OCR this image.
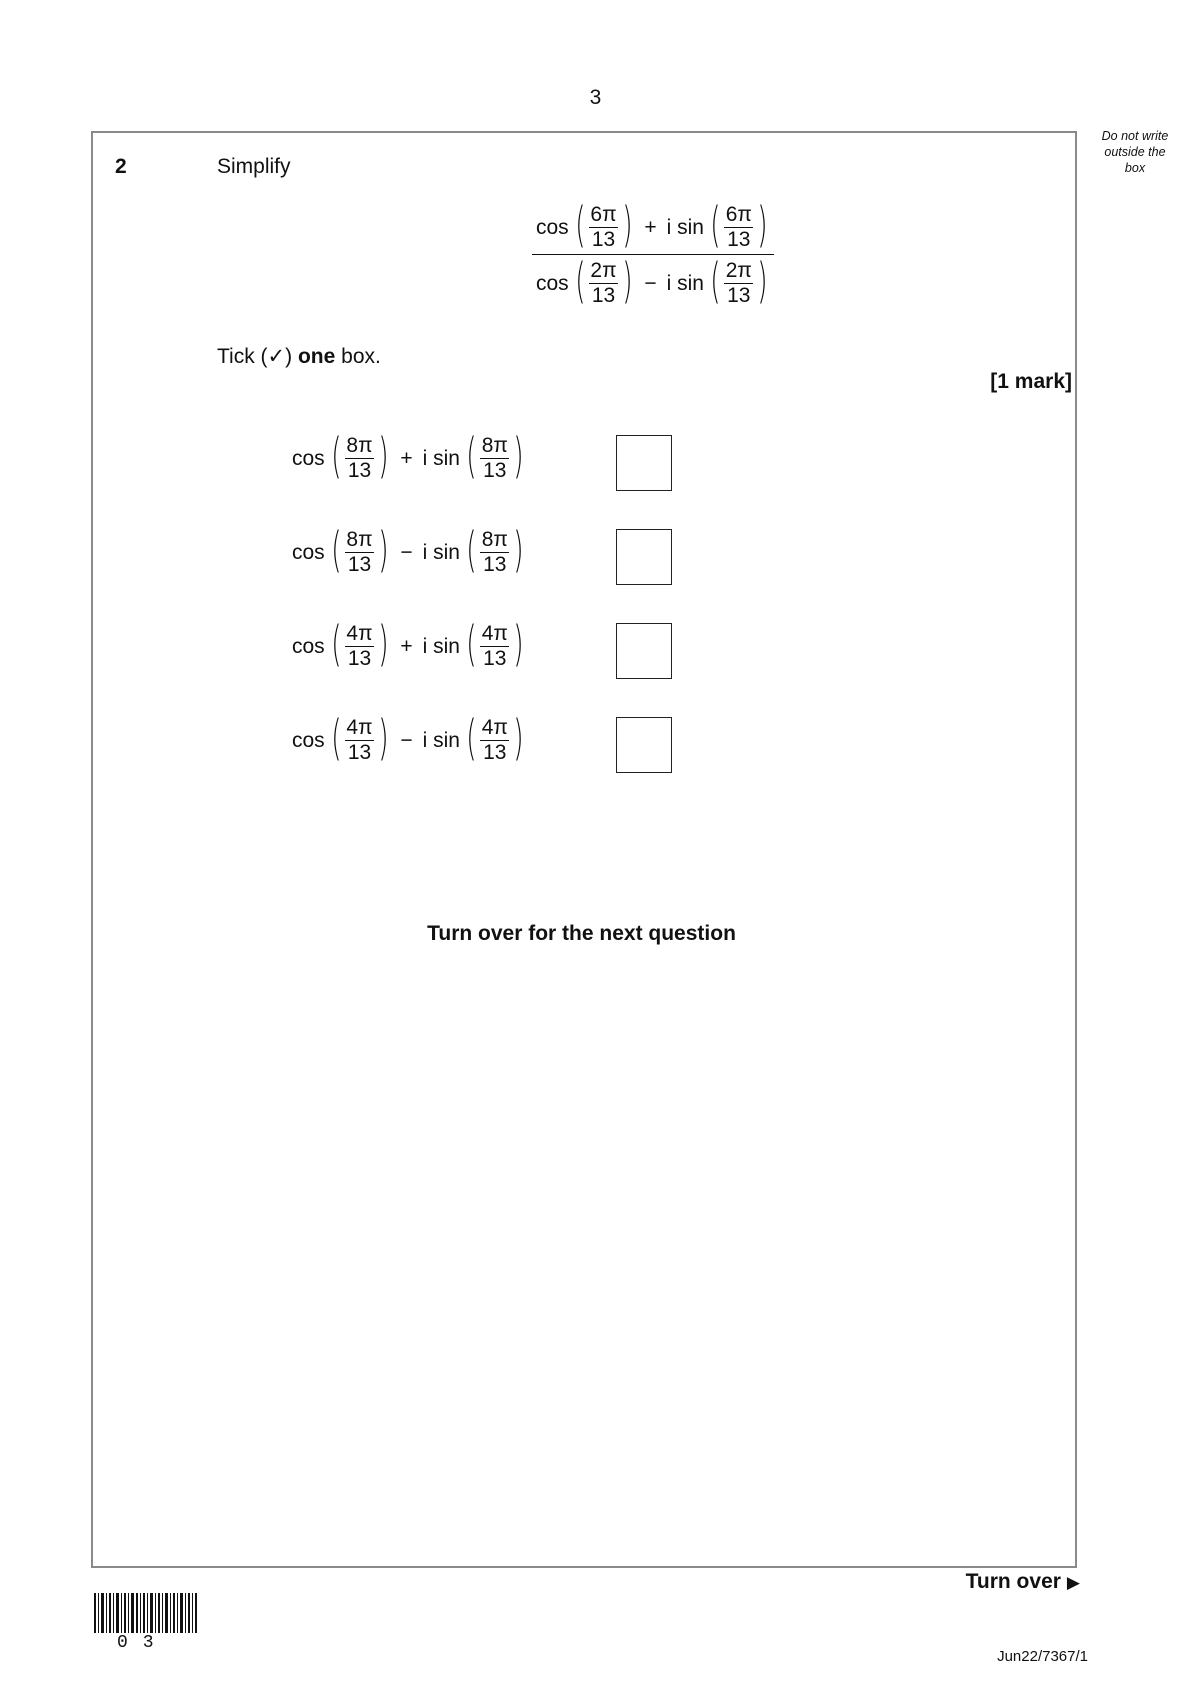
3
Do not write
outside the
box
2	Simplify
cos ( $\frac{6\pi}{13}$ ) + i sin ( $\frac{6\pi}{13}$ )
cos ( $\frac{2\pi}{13}$ ) − i sin ( $\frac{2\pi}{13}$ )
Tick (✓) one box.
[1 mark]
cos ( $\frac{8\pi}{13}$ ) + i sin ( $\frac{8\pi}{13}$ )
cos ( $\frac{8\pi}{13}$ ) − i sin ( $\frac{8\pi}{13}$ )
cos ( $\frac{4\pi}{13}$ ) + i sin ( $\frac{4\pi}{13}$ )
cos ( $\frac{4\pi}{13}$ ) − i sin ( $\frac{4\pi}{13}$ )
Turn over for the next question
Turn over ▶
03
Jun22/7367/1
